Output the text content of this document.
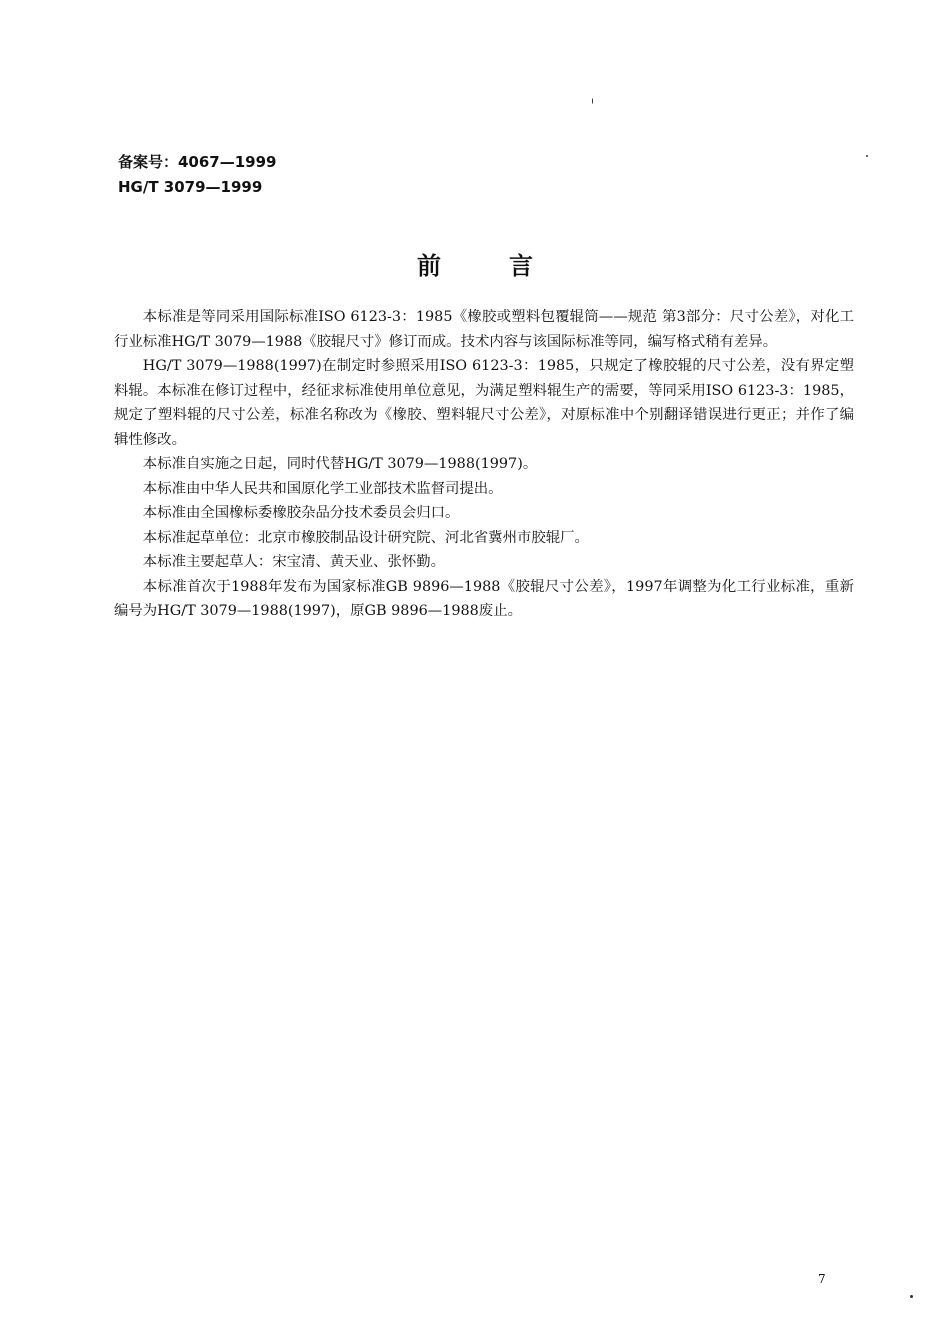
备案号：4067—1999
HG/T 3079—1999
前言

本标准是等同采用国际标准ISO 6123-3：1985《橡胶或塑料包覆辊筒——规范 第3部分：尺寸公差》，对化工行业标准HG/T 3079—1988《胶辊尺寸》修订而成。技术内容与该国际标准等同，编写格式稍有差异。

HG/T 3079—1988(1997)在制定时参照采用ISO 6123-3：1985，只规定了橡胶辊的尺寸公差，没有界定塑料辊。本标准在修订过程中，经征求标准使用单位意见，为满足塑料辊生产的需要，等同采用ISO 6123-3：1985，规定了塑料辊的尺寸公差，标准名称改为《橡胶、塑料辊尺寸公差》，对原标准中个别翻译错误进行更正；并作了编辑性修改。

本标准自实施之日起，同时代替HG/T 3079—1988(1997)。

本标准由中华人民共和国原化学工业部技术监督司提出。

本标准由全国橡标委橡胶杂品分技术委员会归口。

本标准起草单位：北京市橡胶制品设计研究院、河北省冀州市胶辊厂。

本标准主要起草人：宋宝清、黄天业、张怀勤。

本标准首次于1988年发布为国家标准GB 9896—1988《胶辊尺寸公差》，1997年调整为化工行业标准，重新编号为HG/T 3079—1988(1997)，原GB 9896—1988废止。

7
